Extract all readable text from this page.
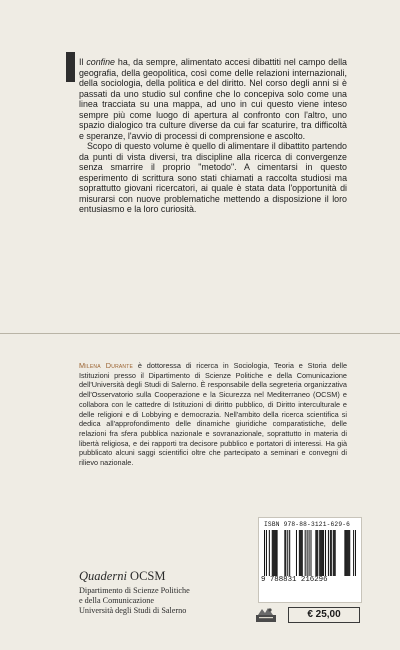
Il confine ha, da sempre, alimentato accesi dibattiti nel campo della geografia, della geopolitica, così come delle relazioni internazionali, della sociologia, della politica e del diritto. Nel corso degli anni si è passati da uno studio sul confine che lo concepiva solo come una linea tracciata su una mappa, ad uno in cui questo viene inteso sempre più come luogo di apertura al confronto con l'altro, uno spazio dialogico tra culture diverse da cui far scaturire, tra difficoltà e speranze, l'avvio di processi di comprensione e ascolto.

Scopo di questo volume è quello di alimentare il dibattito partendo da punti di vista diversi, tra discipline alla ricerca di convergenze senza smarrire il proprio "metodo". A cimentarsi in questo esperimento di scrittura sono stati chiamati a raccolta studiosi ma soprattutto giovani ricercatori, ai quale è stata data l'opportunità di misurarsi con nuove problematiche mettendo a disposizione il loro entusiasmo e la loro curiosità.

Milena Durante è dottoressa di ricerca in Sociologia, Teoria e Storia delle Istituzioni presso il Dipartimento di Scienze Politiche e della Comunicazione dell'Università degli Studi di Salerno. È responsabile della segreteria organizzativa dell'Osservatorio sulla Cooperazione e la Sicurezza nel Mediterraneo (OCSM) e collabora con le cattedre di Istituzioni di diritto pubblico, di Diritto interculturale e delle religioni e di Lobbying e democrazia. Nell'ambito della ricerca scientifica si dedica all'approfondimento delle dinamiche giuridiche comparatistiche, delle relazioni fra sfera pubblica nazionale e sovranazionale, soprattutto in materia di libertà religiosa, e dei rapporti tra decisore pubblico e portatori di interessi. Ha già pubblicato alcuni saggi scientifici oltre che partecipato a seminari e convegni di rilievo nazionale.

Quaderni OCSM
Dipartimento di Scienze Politiche
e della Comunicazione
Università degli Studi di Salerno
ISBN 978-88-3121-629-6
9 788831 216296
€ 25,00
